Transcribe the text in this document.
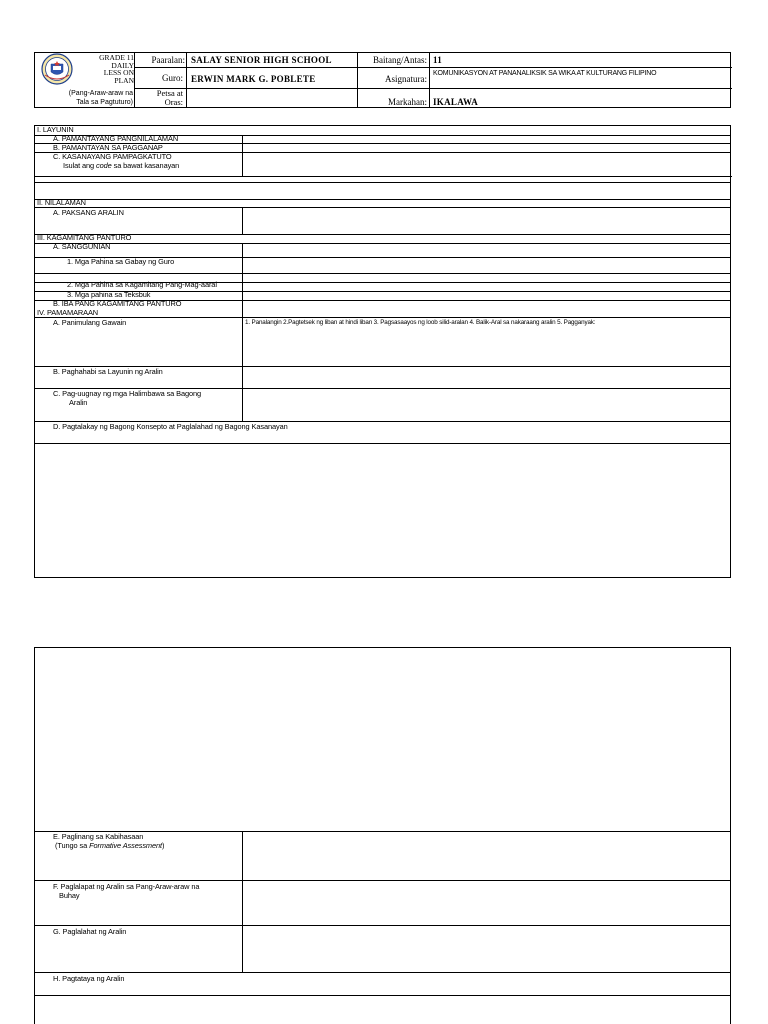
GRADE 11
DAILY
LESS ON
PLAN
(Pang-Araw-araw na
Tala sa Pagtuturo)
Paaralan:
Guro:
Petsa at
Oras:
SALAY SENIOR HIGH SCHOOL
ERWIN MARK G. POBLETE
Baitang/Antas:
Asignatura:
Markahan:
11
KOMUNIKASYON AT PANANALIKSIK SA WIKA AT KULTURANG FILIPINO
IKALAWA
I. LAYUNIN
A. PAMANTAYANG PANGNILALAMAN
B. PAMANTAYAN SA PAGGANAP
C. KASANAYANG PAMPAGKATUTO
Isulat ang code sa bawat kasanayan
II. NILALAMAN
A. PAKSANG ARALIN
III. KAGAMITANG PANTURO
A. SANGGUNIAN
1. Mga Pahina sa Gabay ng Guro
2. Mga Pahina sa Kagamitang Pang-Mag-aaral
3. Mga pahina sa Teksbuk
B. IBA PANG KAGAMITANG PANTURO
IV. PAMAMARAAN
A. Panimulang Gawain	1. Panalangin 2.Pagtetsek ng liban at hindi liban 3. Pagsasaayos ng loob silid-aralan 4. Balik-Aral sa nakaraang aralin 5. Pagganyak:
B. Paghahabi sa Layunin ng Aralin
C. Pag-uugnay ng mga Halimbawa sa Bagong
Aralin
D. Pagtalakay ng Bagong Konsepto at Paglalahad ng Bagong Kasanayan
E. Paglinang sa Kabihasaan
(Tungo sa Formative Assessment)
F. Paglalapat ng Aralin sa Pang-Araw-araw na
Buhay
G. Paglalahat ng Aralin
H. Pagtataya ng Aralin
